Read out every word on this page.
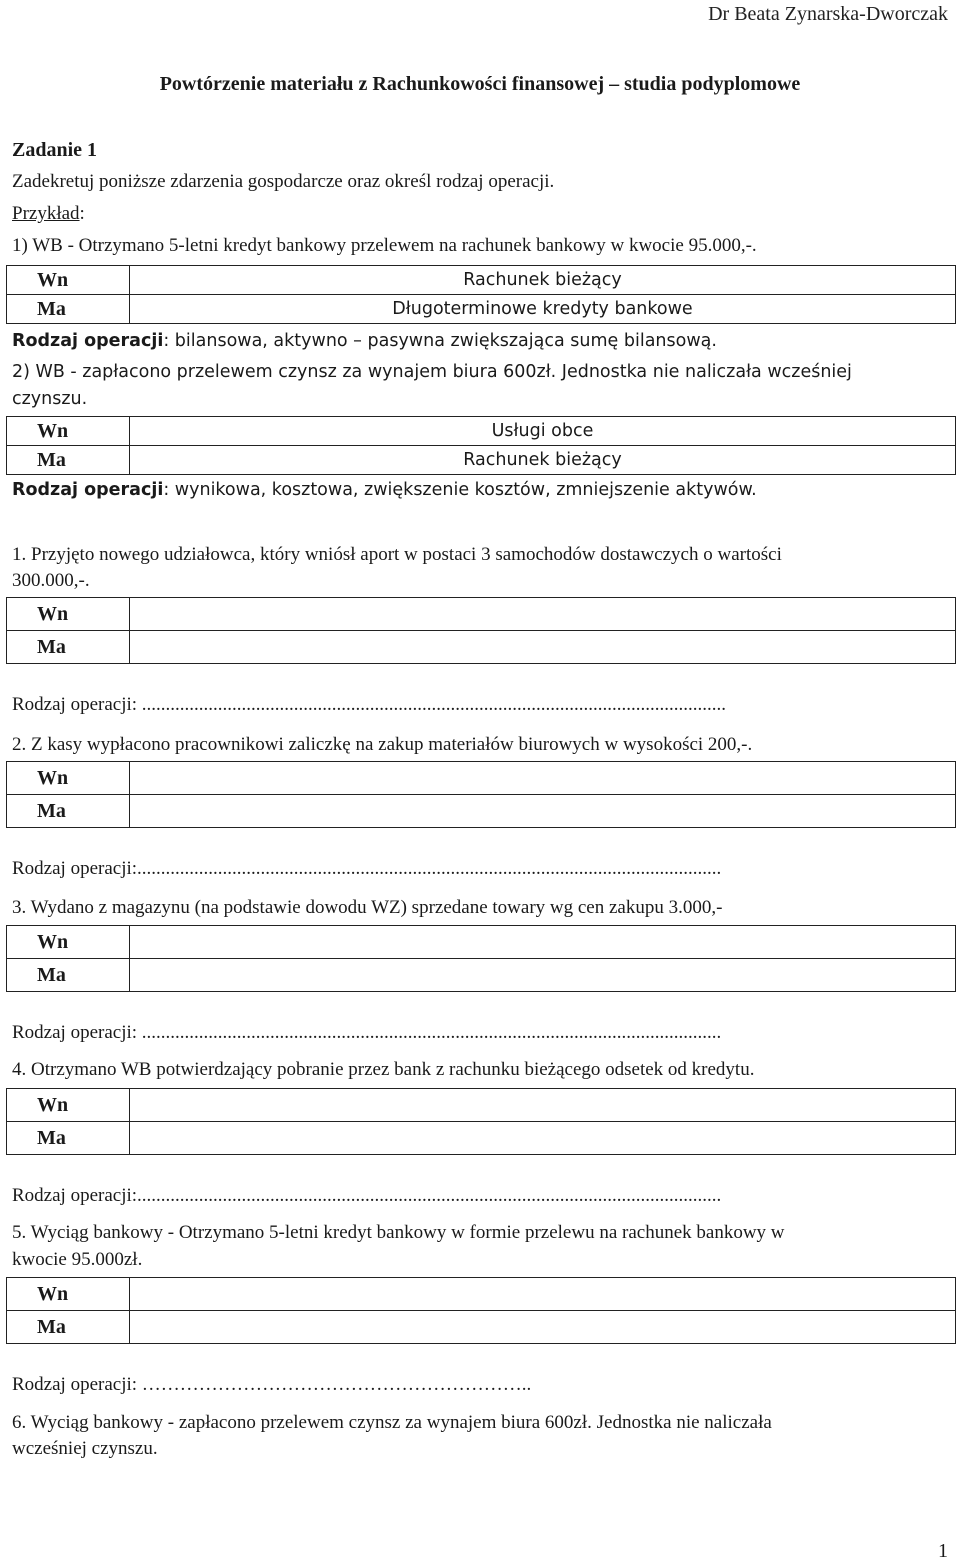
Dr Beata Zynarska-Dworczak
Powtórzenie materiału z Rachunkowości finansowej – studia podyplomowe
Zadanie 1
Zadekretuj poniższe zdarzenia gospodarcze oraz określ rodzaj operacji.
Przykład:
1) WB - Otrzymano 5-letni kredyt bankowy przelewem na rachunek bankowy w kwocie 95.000,-.
Wn	Rachunek bieżący
Ma	Długoterminowe kredyty bankowe
Rodzaj operacji: bilansowa, aktywno – pasywna zwiększająca sumę bilansową.
2) WB - zapłacono przelewem czynsz za wynajem biura 600zł. Jednostka nie naliczała wcześniej
czynszu.
Wn	Usługi obce
Ma	Rachunek bieżący
Rodzaj operacji: wynikowa, kosztowa, zwiększenie kosztów, zmniejszenie aktywów.
1. Przyjęto nowego udziałowca, który wniósł aport w postaci 3 samochodów dostawczych o wartości
300.000,-.
Wn	
Ma	
Rodzaj operacji: ...........................................................................................................................
2. Z kasy wypłacono pracownikowi zaliczkę na zakup materiałów biurowych w wysokości 200,-.
Wn	
Ma	
Rodzaj operacji:...........................................................................................................................
3. Wydano z magazynu (na podstawie dowodu WZ) sprzedane towary wg cen zakupu 3.000,-
Wn	
Ma	
Rodzaj operacji: ..........................................................................................................................
4. Otrzymano WB potwierdzający pobranie przez bank z rachunku bieżącego odsetek od kredytu.
Wn	
Ma	
Rodzaj operacji:...........................................................................................................................
5. Wyciąg bankowy - Otrzymano 5-letni kredyt bankowy w formie przelewu na rachunek bankowy w
kwocie 95.000zł.
Wn	
Ma	
Rodzaj operacji: ……………………………………………………..
6. Wyciąg bankowy - zapłacono przelewem czynsz za wynajem biura 600zł. Jednostka nie naliczała
wcześniej czynszu.
1
